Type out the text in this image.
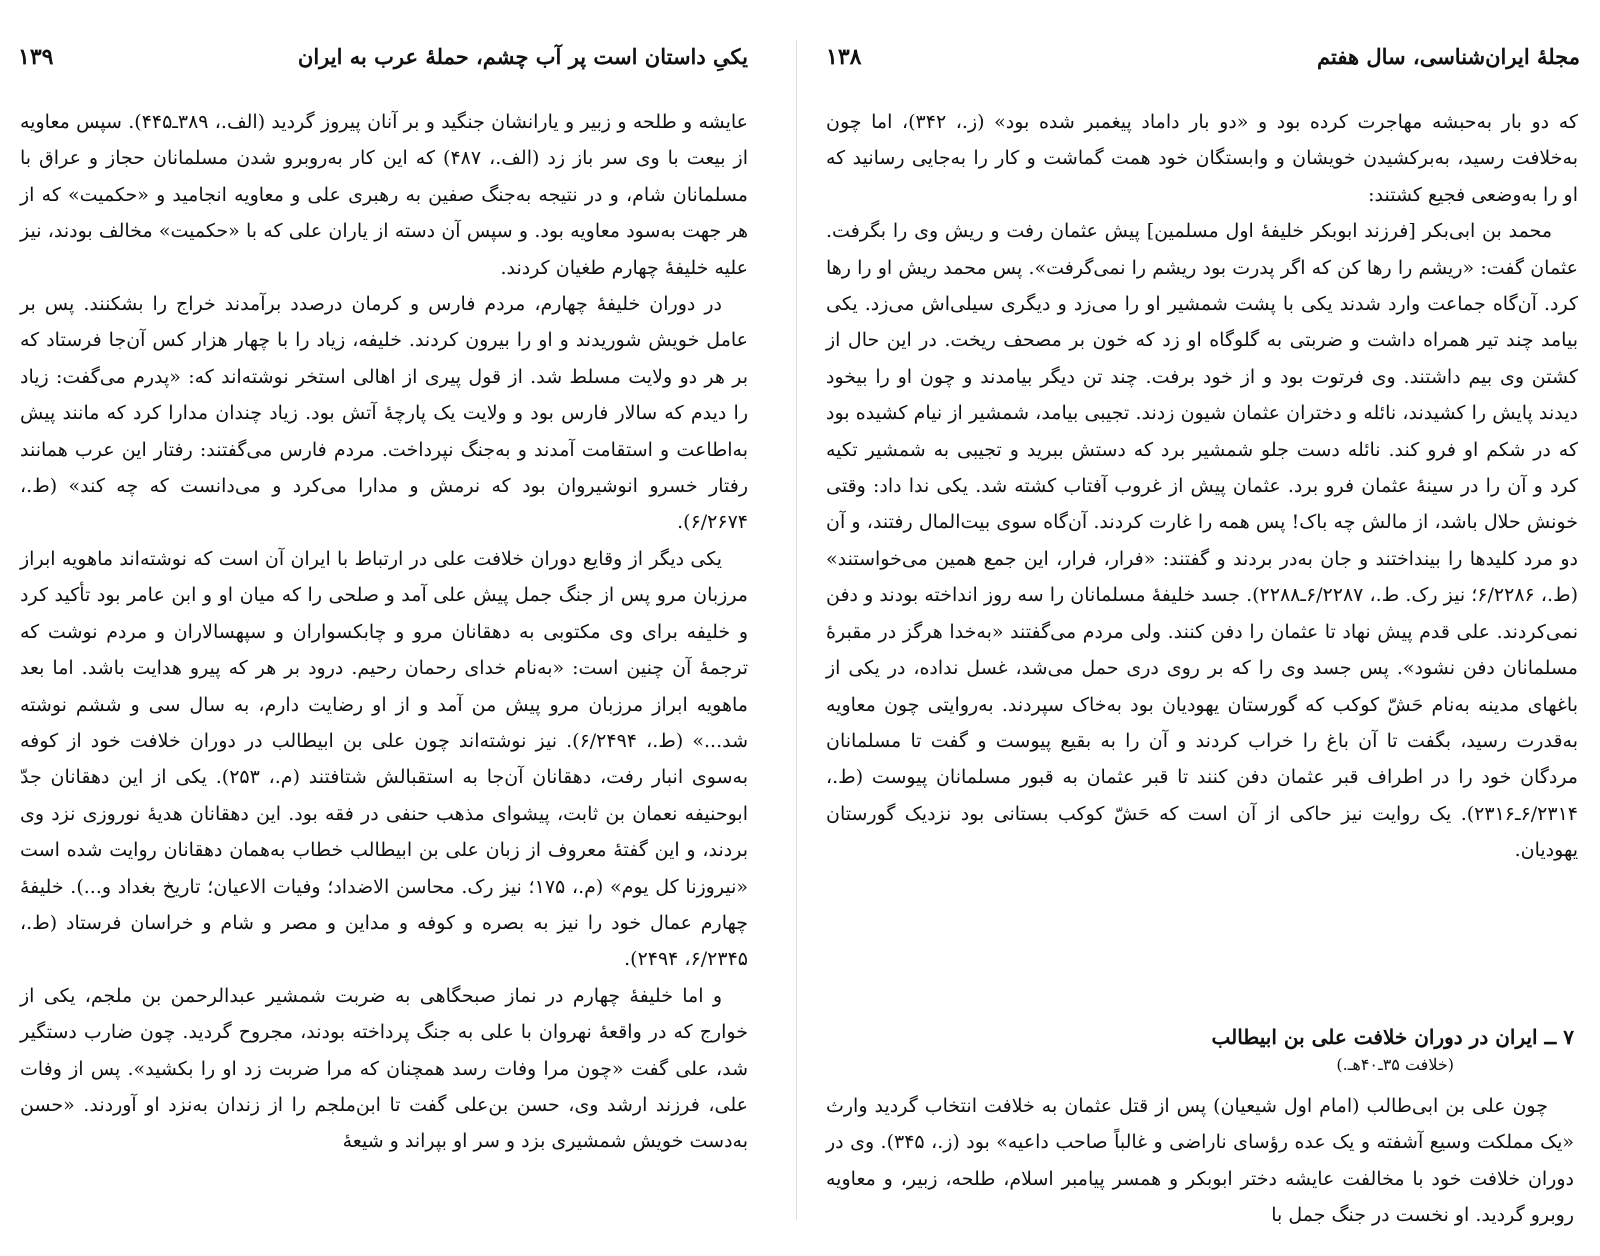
یکیِ داستان است پر آب چشم، حملهٔ عرب به ایران
۱۳۹

عایشه و طلحه و زبیر و یارانشان جنگید و بر آنان پیروز گردید (الف.، ۳۸۹ـ۴۴۵). سپس معاویه از بیعت با وی سر باز زد (الف.، ۴۸۷) که این کار به‌روبرو شدن مسلمانان حجاز و عراق با مسلمانان شام، و در نتیجه به‌جنگ صفین به رهبری علی و معاویه انجامید و «حکمیت» که از هر جهت به‌سود معاویه بود. و سپس آن دسته از یاران علی که با «حکمیت» مخالف بودند، نیز علیه خلیفهٔ چهارم طغیان کردند.

در دوران خلیفهٔ چهارم، مردم فارس و کرمان درصدد برآمدند خراج را بشکنند. پس بر عامل خویش شوریدند و او را بیرون کردند. خلیفه، زیاد را با چهار هزار کس آن‌جا فرستاد که بر هر دو ولایت مسلط شد. از قول پیری از اهالی استخر نوشته‌اند که: «پدرم می‌گفت: زیاد را دیدم که سالار فارس بود و ولایت یک پارچهٔ آتش بود. زیاد چندان مدارا کرد که مانند پیش به‌اطاعت و استقامت آمدند و به‌جنگ نپرداخت. مردم فارس می‌گفتند: رفتار این عرب همانند رفتار خسرو انوشیروان بود که نرمش و مدارا می‌کرد و می‌دانست که چه کند» (ط.، ۶/۲۶۷۴).

یکی دیگر از وقایع دوران خلافت علی در ارتباط با ایران آن است که نوشته‌اند ماهویه ابراز مرزبان مرو پس از جنگ جمل پیش علی آمد و صلحی را که میان او و ابن عامر بود تأکید کرد و خلیفه برای وی مکتوبی به دهقانان مرو و چابکسواران و سپهسالاران و مردم نوشت که ترجمهٔ آن چنین است: «به‌نام خدای رحمان رحیم. درود بر هر که پیرو هدایت باشد. اما بعد ماهویه ابراز مرزبان مرو پیش من آمد و از او رضایت دارم، به سال سی و ششم نوشته شد...» (ط.، ۶/۲۴۹۴). نیز نوشته‌اند چون علی بن ابیطالب در دوران خلافت خود از کوفه به‌سوی انبار رفت، دهقانان آن‌جا به استقبالش شتافتند (م.، ۲۵۳). یکی از این دهقانان جدّ ابوحنیفه نعمان بن ثابت، پیشوای مذهب حنفی در فقه بود. این دهقانان هدیهٔ نوروزی نزد وی بردند، و این گفتهٔ معروف از زبان علی بن ابیطالب خطاب به‌همان دهقانان روایت شده است «نیروزنا کل یوم» (م.، ۱۷۵؛ نیز رک. محاسن الاضداد؛ وفیات الاعیان؛ تاریخ بغداد و...). خلیفهٔ چهارم عمال خود را نیز به بصره و کوفه و مداین و مصر و شام و خراسان فرستاد (ط.، ۶/۲۳۴۵، ۲۴۹۴).

و اما خلیفهٔ چهارم در نماز صبحگاهی به ضربت شمشیر عبدالرحمن بن ملجم، یکی از خوارج که در واقعهٔ نهروان با علی به جنگ پرداخته بودند، مجروح گردید. چون ضارب دستگیر شد، علی گفت «چون مرا وفات رسد همچنان که مرا ضربت زد او را بکشید». پس از وفات علی، فرزند ارشد وی، حسن بن‌علی گفت تا ابن‌ملجم را از زندان به‌نزد او آوردند. «حسن به‌دست خویش شمشیری بزد و سر او بپراند و شیعهٔ

مجلهٔ ایران‌شناسی، سال هفتم
۱۳۸

که دو بار به‌حبشه مهاجرت کرده بود و «دو بار داماد پیغمبر شده بود» (ز.، ۳۴۲)، اما چون به‌خلافت رسید، به‌برکشیدن خویشان و وابستگان خود همت گماشت و کار را به‌جایی رسانید که او را به‌وضعی فجیع کشتند:

محمد بن ابی‌بکر [فرزند ابوبکر خلیفهٔ اول مسلمین] پیش عثمان رفت و ریش وی را بگرفت. عثمان گفت: «ریشم را رها کن که اگر پدرت بود ریشم را نمی‌گرفت». پس محمد ریش او را رها کرد. آن‌گاه جماعت وارد شدند یکی با پشت شمشیر او را می‌زد و دیگری سیلی‌اش می‌زد. یکی بیامد چند تیر همراه داشت و ضربتی به گلوگاه او زد که خون بر مصحف ریخت. در این حال از کشتن وی بیم داشتند. وی فرتوت بود و از خود برفت. چند تن دیگر بیامدند و چون او را بیخود دیدند پایش را کشیدند، نائله و دختران عثمان شیون زدند. تجیبی بیامد، شمشیر از نیام کشیده بود که در شکم او فرو کند. نائله دست جلو شمشیر برد که دستش ببرید و تجیبی به شمشیر تکیه کرد و آن را در سینهٔ عثمان فرو برد. عثمان پیش از غروب آفتاب کشته شد. یکی ندا داد: وقتی خونش حلال باشد، از مالش چه باک! پس همه را غارت کردند. آن‌گاه سوی بیت‌المال رفتند، و آن دو مرد کلیدها را بینداختند و جان به‌در بردند و گفتند: «فرار، فرار، این جمع همین می‌خواستند» (ط.، ۶/۲۲۸۶؛ نیز رک. ط.، ۶/۲۲۸۷ـ۲۲۸۸). جسد خلیفهٔ مسلمانان را سه روز انداخته بودند و دفن نمی‌کردند. علی قدم پیش نهاد تا عثمان را دفن کنند. ولی مردم می‌گفتند «به‌خدا هرگز در مقبرهٔ مسلمانان دفن نشود». پس جسد وی را که بر روی دری حمل می‌شد، غسل نداده، در یکی از باغهای مدینه به‌نام حَشّ کوکب که گورستان یهودیان بود به‌خاک سپردند. به‌روایتی چون معاویه به‌قدرت رسید، بگفت تا آن باغ را خراب کردند و آن را به بقیع پیوست و گفت تا مسلمانان مردگان خود را در اطراف قبر عثمان دفن کنند تا قبر عثمان به قبور مسلمانان پیوست (ط.، ۶/۲۳۱۴ـ۲۳۱۶). یک روایت نیز حاکی از آن است که حَشّ کوکب بستانی بود نزدیک گورستان یهودیان.

۷ ــ ایران در دوران خلافت علی بن ابیطالب
(خلافت ۳۵ـ۴۰هـ.)

چون علی بن ابی‌طالب (امام اول شیعیان) پس از قتل عثمان به خلافت انتخاب گردید وارث «یک مملکت وسیع آشفته و یک عده رؤسای ناراضی و غالباً صاحب داعیه» بود (ز.، ۳۴۵). وی در دوران خلافت خود با مخالفت عایشه دختر ابوبکر و همسر پیامبر اسلام، طلحه، زبیر، و معاویه روبرو گردید. او نخست در جنگ جمل با
